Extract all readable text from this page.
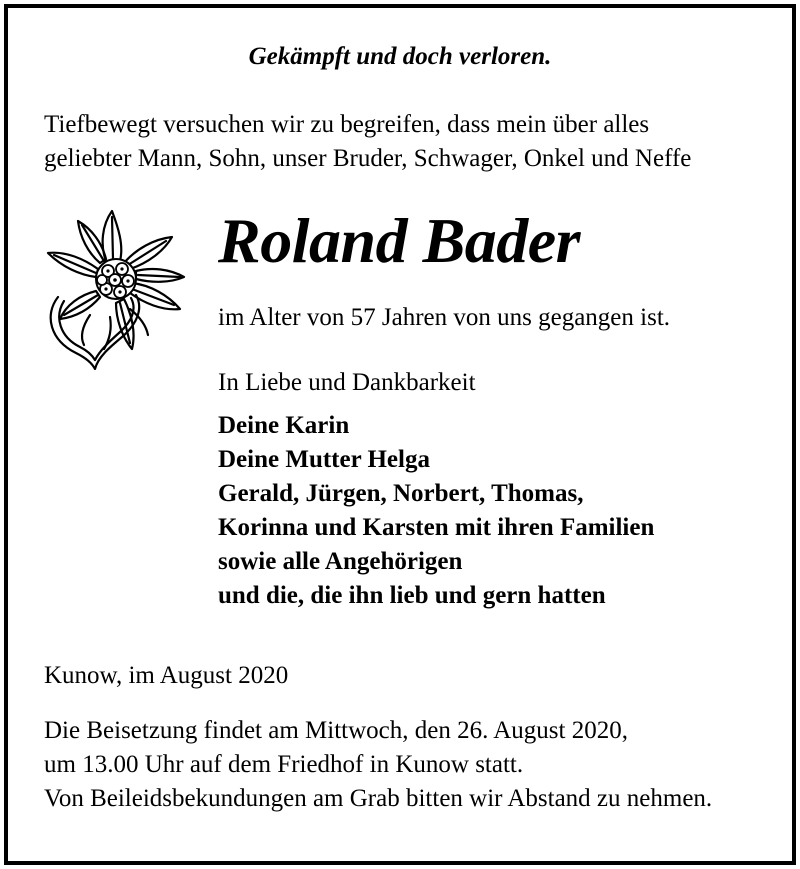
Gekämpft und doch verloren.
Tiefbewegt versuchen wir zu begreifen, dass mein über alles
geliebter Mann, Sohn, unser Bruder, Schwager, Onkel und Neffe
Roland Bader
im Alter von 57 Jahren von uns gegangen ist.
In Liebe und Dankbarkeit
Deine Karin
Deine Mutter Helga
Gerald, Jürgen, Norbert, Thomas,
Korinna und Karsten mit ihren Familien
sowie alle Angehörigen
und die, die ihn lieb und gern hatten
Kunow, im August 2020
Die Beisetzung findet am Mittwoch, den 26. August 2020,
um 13.00 Uhr auf dem Friedhof in Kunow statt.
Von Beileidsbekundungen am Grab bitten wir Abstand zu nehmen.
